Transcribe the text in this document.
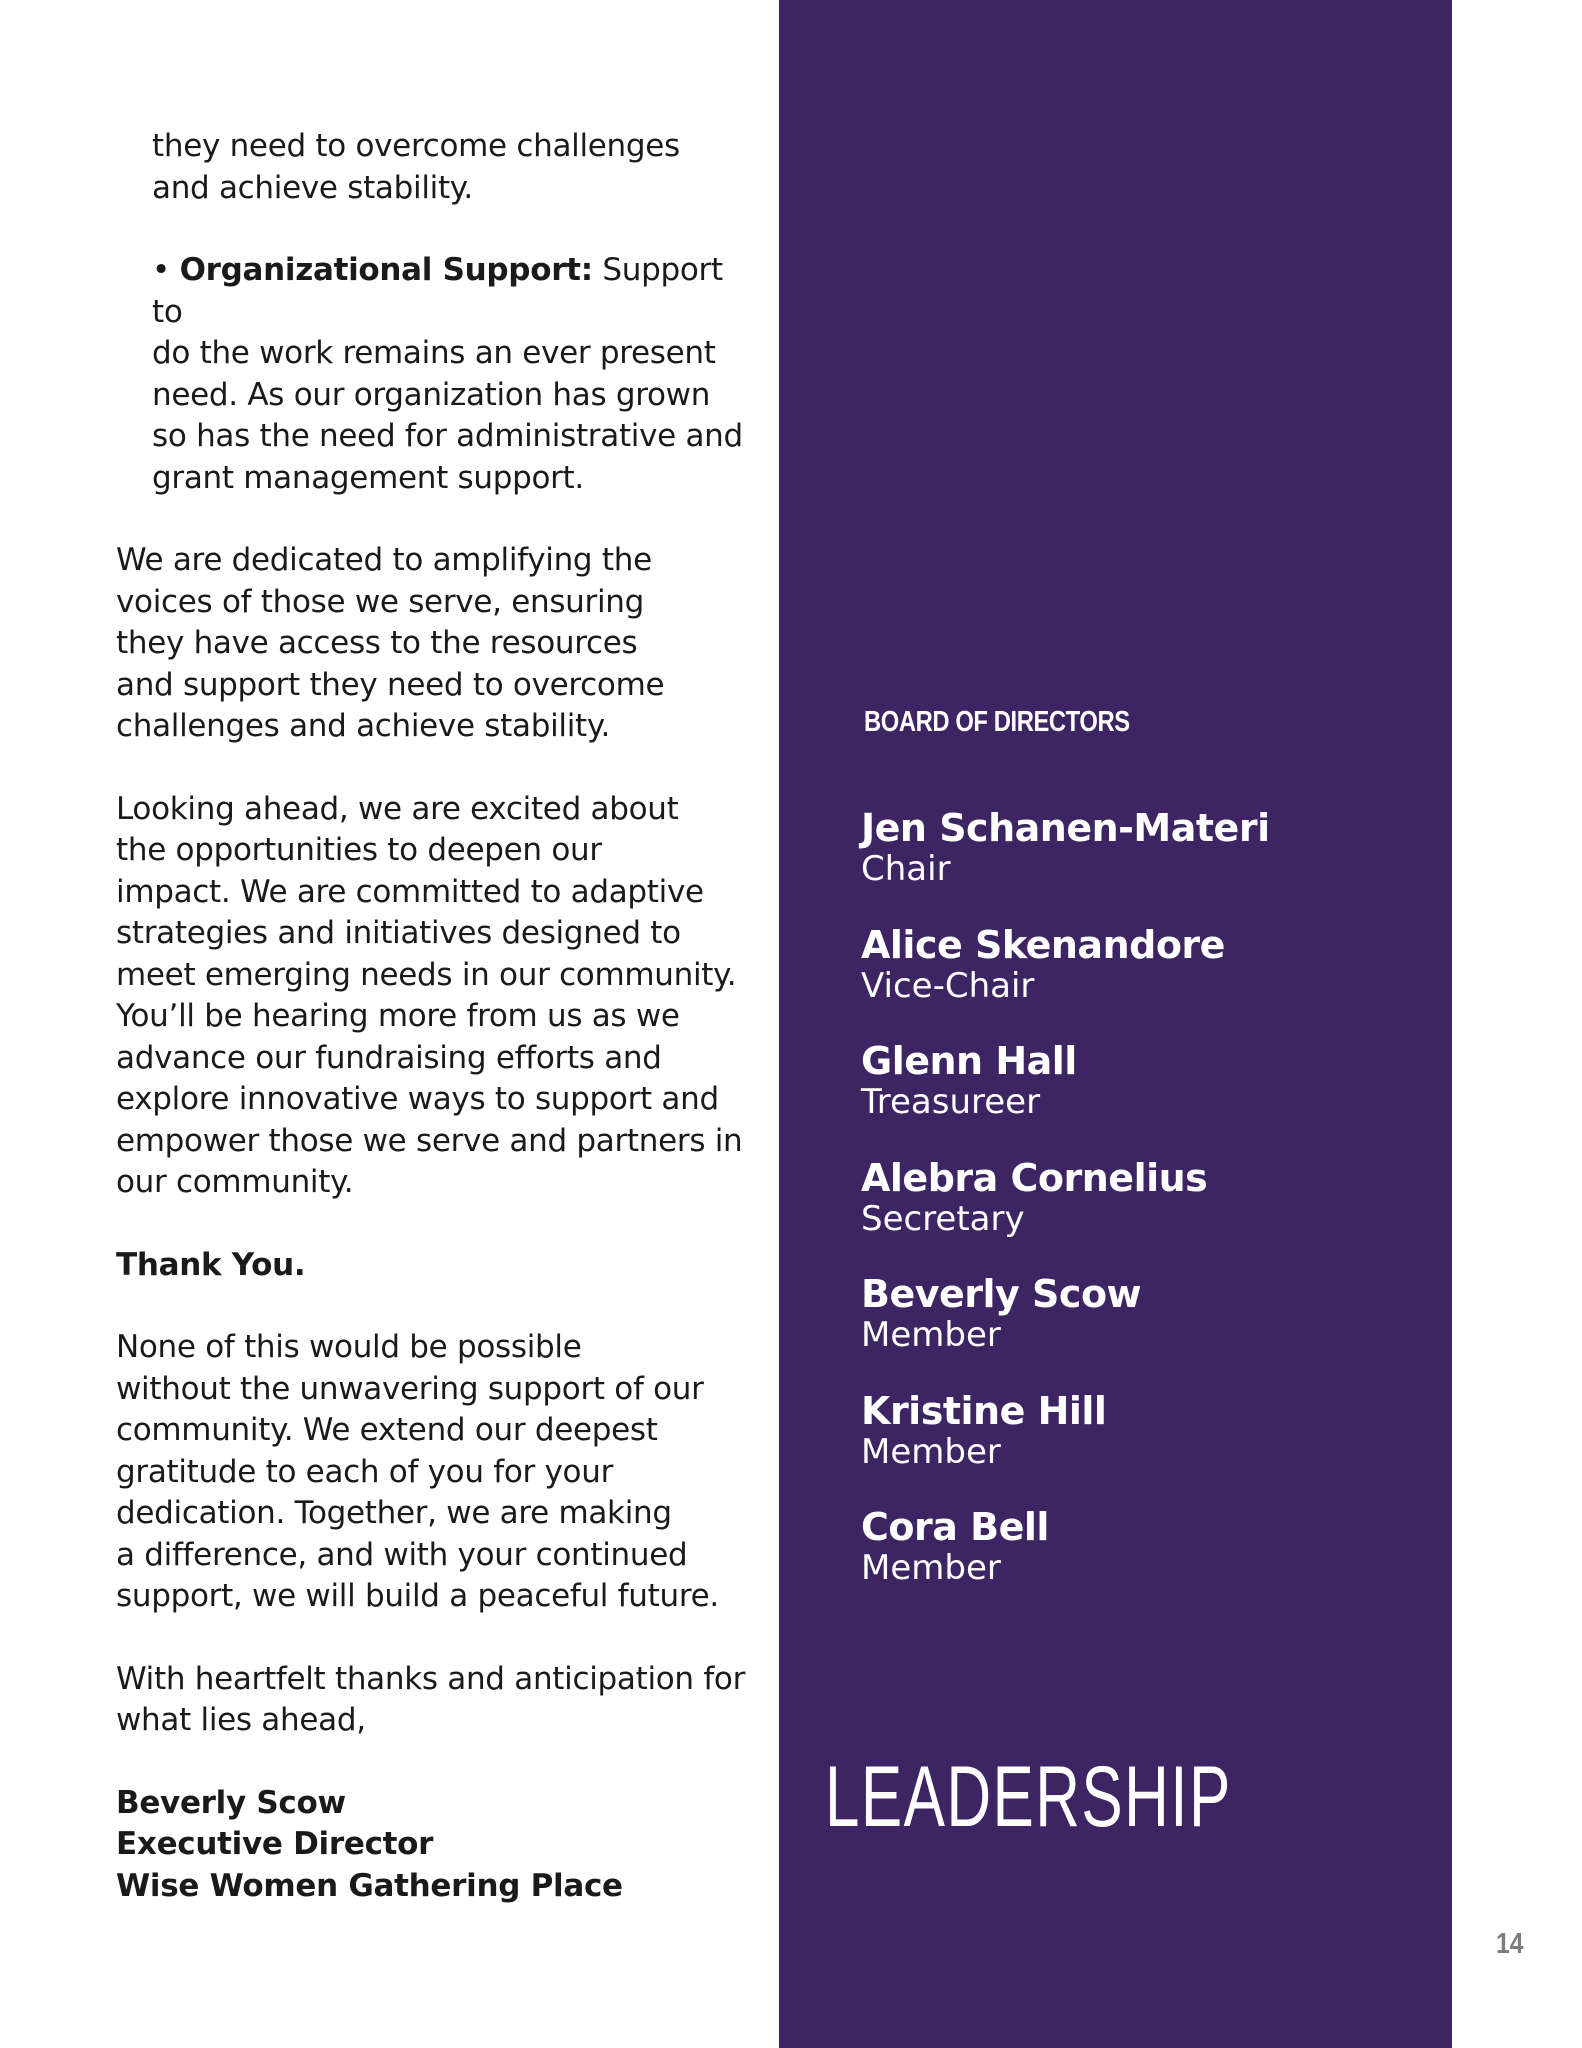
they need to overcome challenges
and achieve stability.

• Organizational Support: Support to
do the work remains an ever present
need. As our organization has grown
so has the need for administrative and
grant management support.

We are dedicated to amplifying the
voices of those we serve, ensuring
they have access to the resources
and support they need to overcome
challenges and achieve stability.

Looking ahead, we are excited about
the opportunities to deepen our
impact. We are committed to adaptive
strategies and initiatives designed to
meet emerging needs in our community.
You’ll be hearing more from us as we
advance our fundraising efforts and
explore innovative ways to support and
empower those we serve and partners in
our community.

Thank You.

None of this would be possible
without the unwavering support of our
community. We extend our deepest
gratitude to each of you for your
dedication. Together, we are making
a difference, and with your continued
support, we will build a peaceful future.

With heartfelt thanks and anticipation for
what lies ahead,

Beverly Scow

Executive Director

Wise Women Gathering Place

BOARD OF DIRECTORS
Jen Schanen-Materi
Chair
Alice Skenandore
Vice-Chair
Glenn Hall
Treasureer
Alebra Cornelius
Secretary
Beverly Scow
Member
Kristine Hill
Member
Cora Bell
Member
LEADERSHIP
14
